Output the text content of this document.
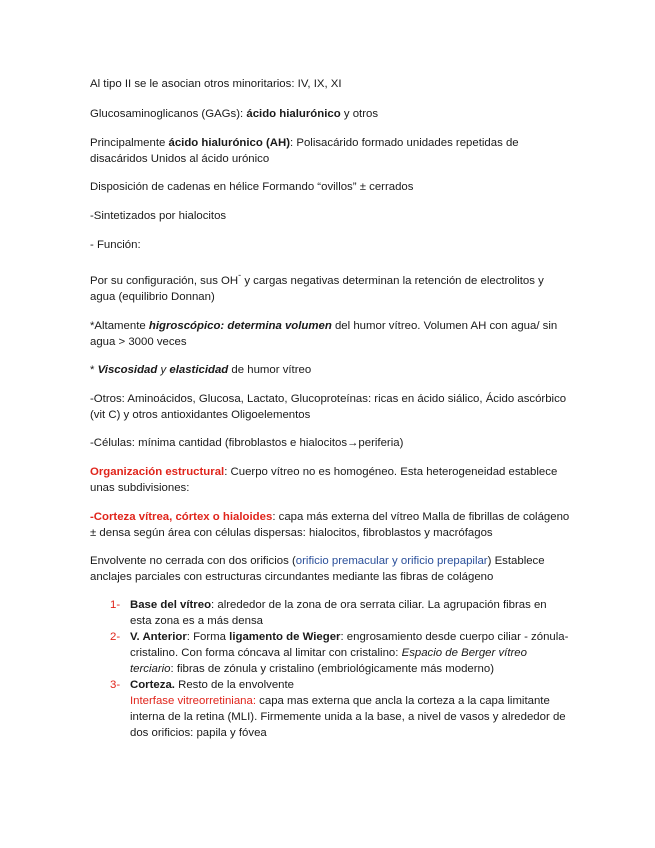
Al tipo II se le asocian otros minoritarios: IV, IX, XI

Glucosaminoglicanos (GAGs): ácido hialurónico y otros

Principalmente ácido hialurónico (AH): Polisacárido formado unidades repetidas de disacáridos Unidos al ácido urónico

Disposición de cadenas en hélice Formando “ovillos” ± cerrados

-Sintetizados por hialocitos

- Función:

Por su configuración, sus OH- y cargas negativas determinan la retención de electrolitos y agua (equilibrio Donnan)

*Altamente higroscópico: determina volumen del humor vítreo. Volumen AH con agua/ sin agua > 3000 veces

* Viscosidad y elasticidad de humor vítreo

-Otros: Aminoácidos, Glucosa, Lactato, Glucoproteínas: ricas en ácido siálico, Ácido ascórbico (vit C) y otros antioxidantes Oligoelementos

-Células: mínima cantidad (fibroblastos e hialocitos→periferia)

Organización estructural: Cuerpo vítreo no es homogéneo. Esta heterogeneidad establece unas subdivisiones:

-Corteza vítrea, córtex o hialoides: capa más externa del vítreo Malla de fibrillas de colágeno ± densa según área con células dispersas: hialocitos, fibroblastos y macrófagos

Envolvente no cerrada con dos orificios (orificio premacular y orificio prepapilar) Establece anclajes parciales con estructuras circundantes mediante las fibras de colágeno

1- Base del vítreo: alrededor de la zona de ora serrata ciliar. La agrupación fibras en esta zona es a más densa
2- V. Anterior: Forma ligamento de Wieger: engrosamiento desde cuerpo ciliar - zónula-cristalino. Con forma cóncava al limitar con cristalino: Espacio de Berger vítreo terciario: fibras de zónula y cristalino (embriológicamente más moderno)
3- Corteza. Resto de la envolvente
Interfase vitreorretiniana: capa mas externa que ancla la corteza a la capa limitante interna de la retina (MLI). Firmemente unida a la base, a nivel de vasos y alrededor de dos orificios: papila y fóvea
